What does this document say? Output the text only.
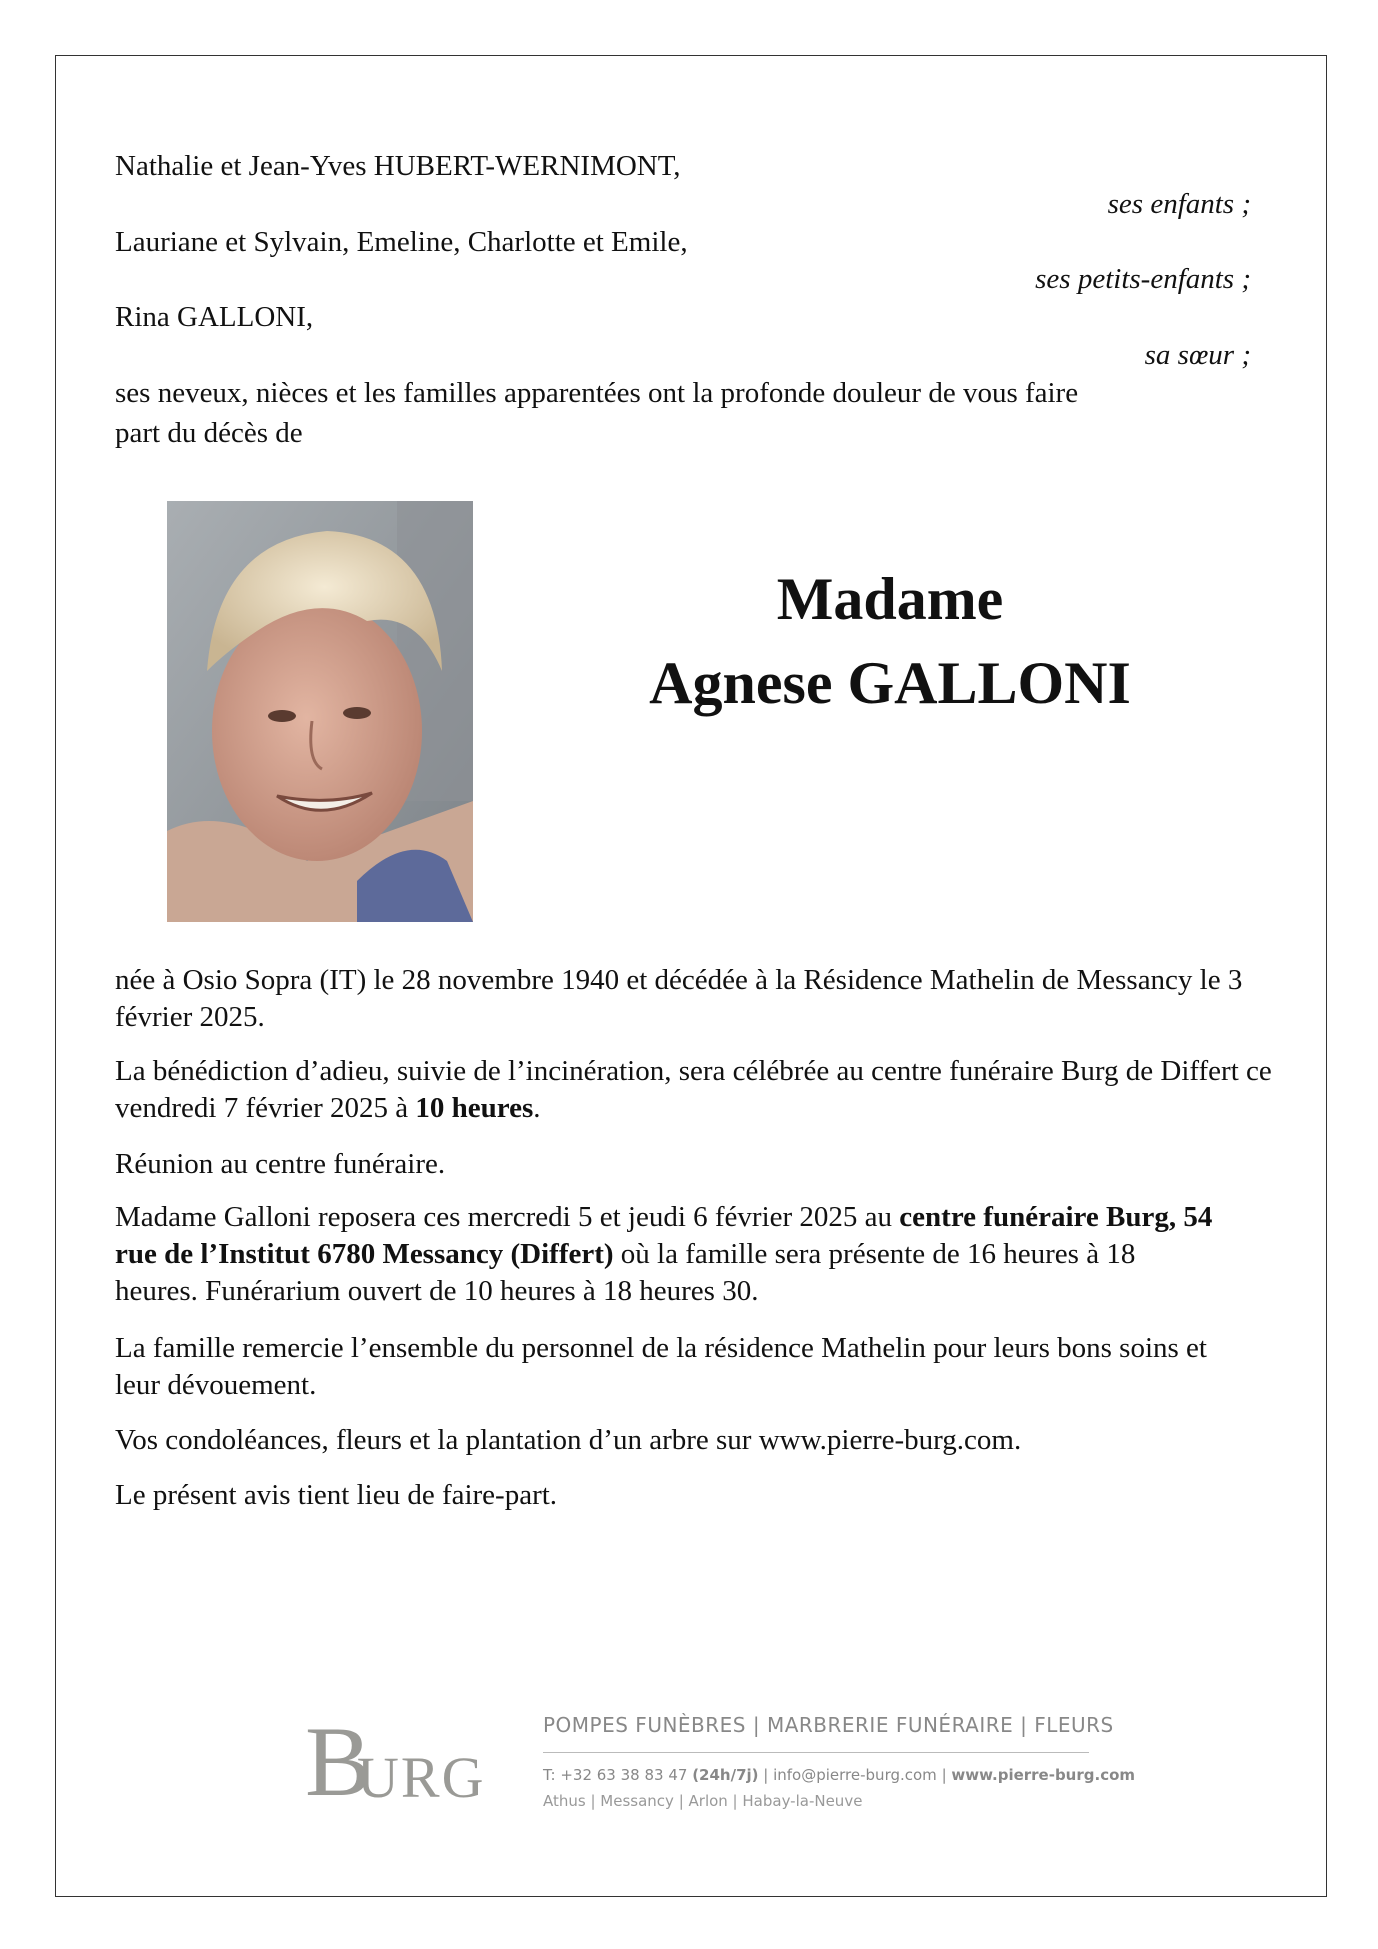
Nathalie et Jean-Yves HUBERT-WERNIMONT,
ses enfants ;
Lauriane et Sylvain, Emeline, Charlotte et Emile,
ses petits-enfants ;
Rina GALLONI,
sa sœur ;
ses neveux, nièces et les familles apparentées ont la profonde douleur de vous faire
part du décès de
Madame
Agnese GALLONI
née à Osio Sopra (IT) le 28 novembre 1940 et décédée à la Résidence Mathelin de Messancy le 3 février 2025.
La bénédiction d’adieu, suivie de l’incinération, sera célébrée au centre funéraire Burg de Differt ce vendredi 7 février 2025 à 10 heures.
Réunion au centre funéraire.
Madame Galloni reposera ces mercredi 5 et jeudi 6 février 2025 au centre funéraire Burg, 54 rue de l’Institut 6780 Messancy (Differt) où la famille sera présente de 16 heures à 18 heures. Funérarium ouvert de 10 heures à 18 heures 30.
La famille remercie l’ensemble du personnel de la résidence Mathelin pour leurs bons soins et leur dévouement.
Vos condoléances, fleurs et la plantation d’un arbre sur www.pierre-burg.com.
Le présent avis tient lieu de faire-part.
B
URG
POMPES FUNÈBRES | MARBRERIE FUNÉRAIRE | FLEURS
T: +32 63 38 83 47 (24h/7j) | info@pierre-burg.com | www.pierre-burg.com
Athus | Messancy | Arlon | Habay-la-Neuve
